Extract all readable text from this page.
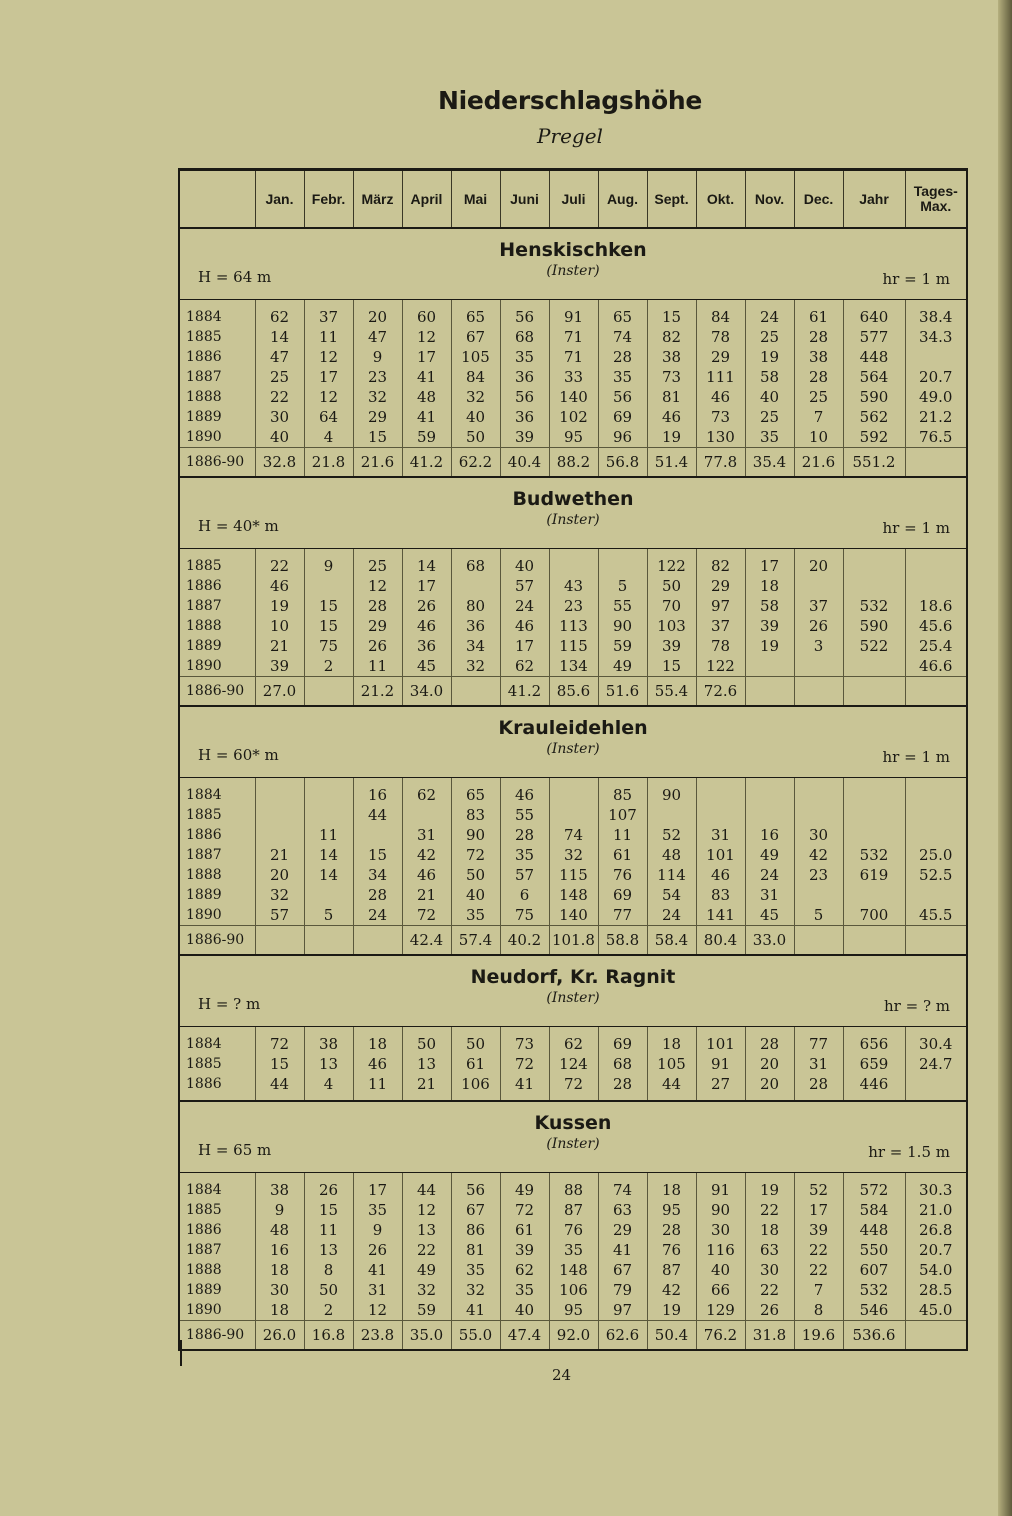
Niederschlagshöhe
Pregel
	Jan.	Febr.	März	April	Mai	Juni	Juli	Aug.	Sept.	Okt.	Nov.	Dec.	Jahr	Tages-Max.

Henskischken
(Inster)
H = 64 m hr = 1 m														

1884	62	37	20	60	65	56	91	65	15	84	24	61	640	38.4
1885	14	11	47	12	67	68	71	74	82	78	25	28	577	34.3
1886	47	12	9	17	105	35	71	28	38	29	19	38	448	
1887	25	17	23	41	84	36	33	35	73	111	58	28	564	20.7
1888	22	12	32	48	32	56	140	56	81	46	40	25	590	49.0
1889	30	64	29	41	40	36	102	69	46	73	25	7	562	21.2
1890	40	4	15	59	50	39	95	96	19	130	35	10	592	76.5
1886-90	32.8	21.8	21.6	41.2	62.2	40.4	88.2	56.8	51.4	77.8	35.4	21.6	551.2	

Budwethen
(Inster)
H = 40* m hr = 1 m														

1885	22	9	25	14	68	40			122	82	17	20		
1886	46		12	17		57	43	5	50	29	18			
1887	19	15	28	26	80	24	23	55	70	97	58	37	532	18.6
1888	10	15	29	46	36	46	113	90	103	37	39	26	590	45.6
1889	21	75	26	36	34	17	115	59	39	78	19	3	522	25.4
1890	39	2	11	45	32	62	134	49	15	122				46.6
1886-90	27.0		21.2	34.0		41.2	85.6	51.6	55.4	72.6				

Krauleidehlen
(Inster)
H = 60* m hr = 1 m														

1884			16	62	65	46		85	90					
1885			44		83	55		107						
1886		11		31	90	28	74	11	52	31	16	30		
1887	21	14	15	42	72	35	32	61	48	101	49	42	532	25.0
1888	20	14	34	46	50	57	115	76	114	46	24	23	619	52.5
1889	32		28	21	40	6	148	69	54	83	31			
1890	57	5	24	72	35	75	140	77	24	141	45	5	700	45.5
1886-90				42.4	57.4	40.2	101.8	58.8	58.4	80.4	33.0			

Neudorf, Kr. Ragnit
(Inster)
H = ? m hr = ? m														

1884	72	38	18	50	50	73	62	69	18	101	28	77	656	30.4
1885	15	13	46	13	61	72	124	68	105	91	20	31	659	24.7
1886	44	4	11	21	106	41	72	28	44	27	20	28	446	

Kussen
(Inster)
H = 65 m hr = 1.5 m														

1884	38	26	17	44	56	49	88	74	18	91	19	52	572	30.3
1885	9	15	35	12	67	72	87	63	95	90	22	17	584	21.0
1886	48	11	9	13	86	61	76	29	28	30	18	39	448	26.8
1887	16	13	26	22	81	39	35	41	76	116	63	22	550	20.7
1888	18	8	41	49	35	62	148	67	87	40	30	22	607	54.0
1889	30	50	31	32	32	35	106	79	42	66	22	7	532	28.5
1890	18	2	12	59	41	40	95	97	19	129	26	8	546	45.0
1886-90	26.0	16.8	23.8	35.0	55.0	47.4	92.0	62.6	50.4	76.2	31.8	19.6	536.6	
24
